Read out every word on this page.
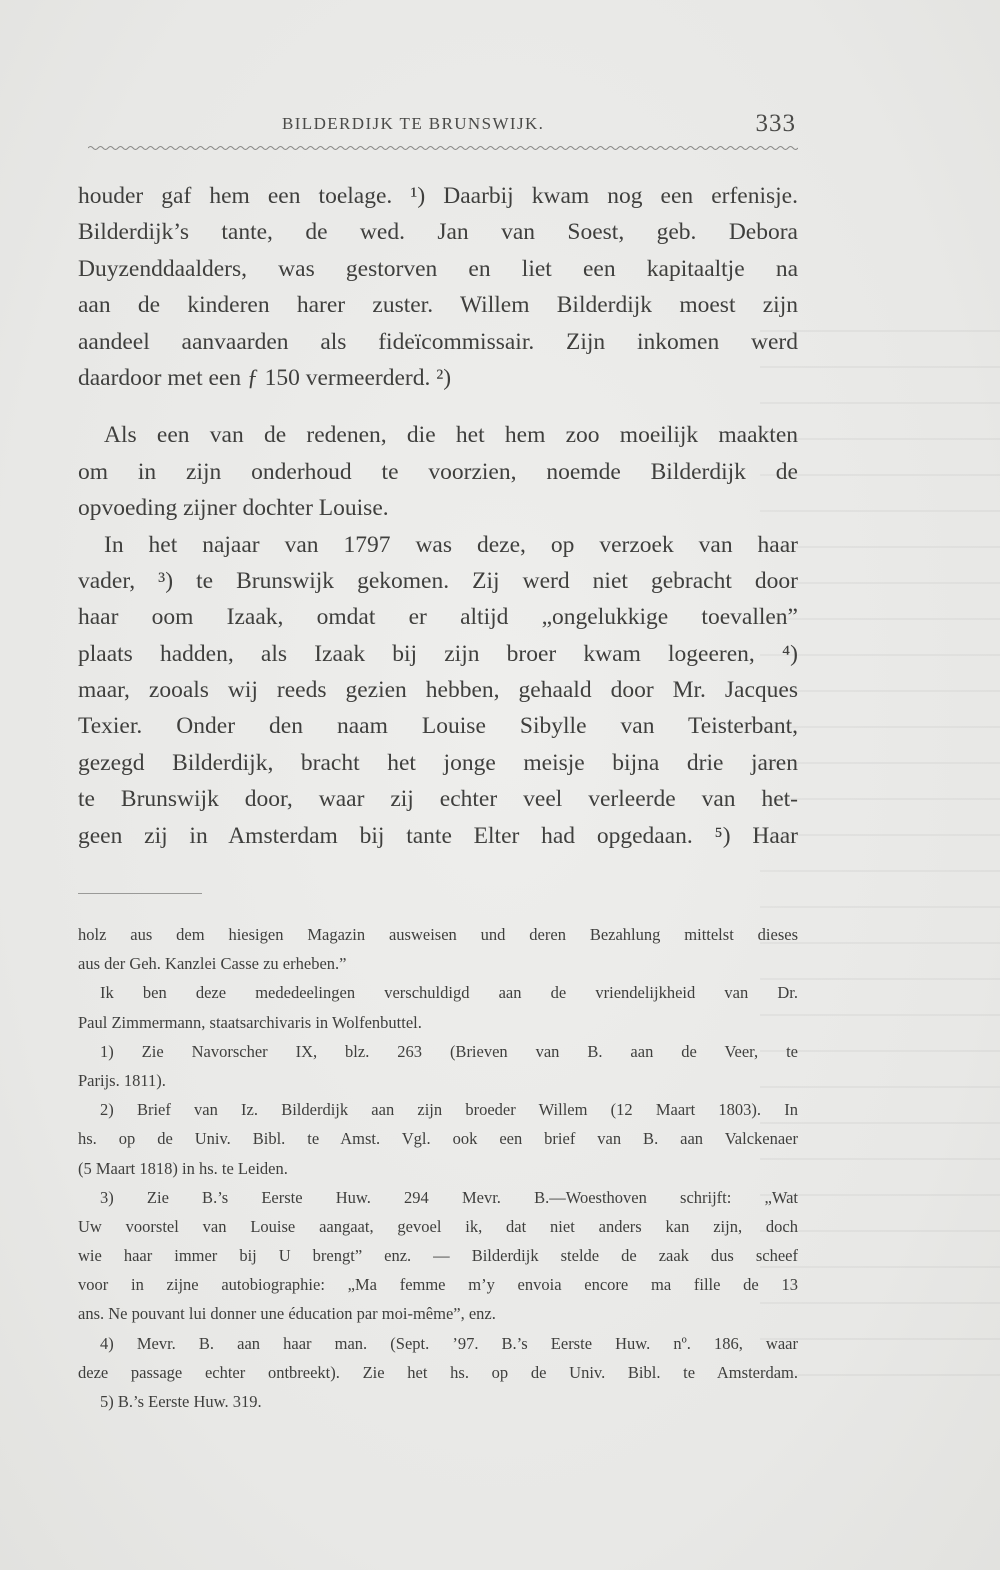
BILDERDIJK TE BRUNSWIJK.	333
houder gaf hem een toelage. ¹) Daarbij kwam nog een erfenisje.
Bilderdijk’s tante, de wed. Jan van Soest, geb. Debora
Duyzenddaalders, was gestorven en liet een kapitaaltje na
aan de kinderen harer zuster. Willem Bilderdijk moest zijn
aandeel aanvaarden als fideïcommissair. Zijn inkomen werd
daardoor met een ƒ 150 vermeerderd. ²)
Als een van de redenen, die het hem zoo moeilijk maakten
om in zijn onderhoud te voorzien, noemde Bilderdijk de
opvoeding zijner dochter Louise.
In het najaar van 1797 was deze, op verzoek van haar
vader, ³) te Brunswijk gekomen. Zij werd niet gebracht door
haar oom Izaak, omdat er altijd „ongelukkige toevallen”
plaats hadden, als Izaak bij zijn broer kwam logeeren, ⁴)
maar, zooals wij reeds gezien hebben, gehaald door Mr. Jacques
Texier. Onder den naam Louise Sibylle van Teisterbant,
gezegd Bilderdijk, bracht het jonge meisje bijna drie jaren
te Brunswijk door, waar zij echter veel verleerde van het-
geen zij in Amsterdam bij tante Elter had opgedaan. ⁵) Haar
holz aus dem hiesigen Magazin ausweisen und deren Bezahlung mittelst dieses
aus der Geh. Kanzlei Casse zu erheben.”
Ik ben deze mededeelingen verschuldigd aan de vriendelijkheid van Dr.
Paul Zimmermann, staatsarchivaris in Wolfenbuttel.
1) Zie Navorscher IX, blz. 263 (Brieven van B. aan de Veer, te
Parijs. 1811).
2) Brief van Iz. Bilderdijk aan zijn broeder Willem (12 Maart 1803). In
hs. op de Univ. Bibl. te Amst. Vgl. ook een brief van B. aan Valckenaer
(5 Maart 1818) in hs. te Leiden.
3) Zie B.’s Eerste Huw. 294 Mevr. B.—Woesthoven schrijft: „Wat
Uw voorstel van Louise aangaat, gevoel ik, dat niet anders kan zijn, doch
wie haar immer bij U brengt” enz. — Bilderdijk stelde de zaak dus scheef
voor in zijne autobiographie: „Ma femme m’y envoia encore ma fille de 13
ans. Ne pouvant lui donner une éducation par moi-même”, enz.
4) Mevr. B. aan haar man. (Sept. ’97. B.’s Eerste Huw. nº. 186, waar
deze passage echter ontbreekt). Zie het hs. op de Univ. Bibl. te Amsterdam.
5) B.’s Eerste Huw. 319.
